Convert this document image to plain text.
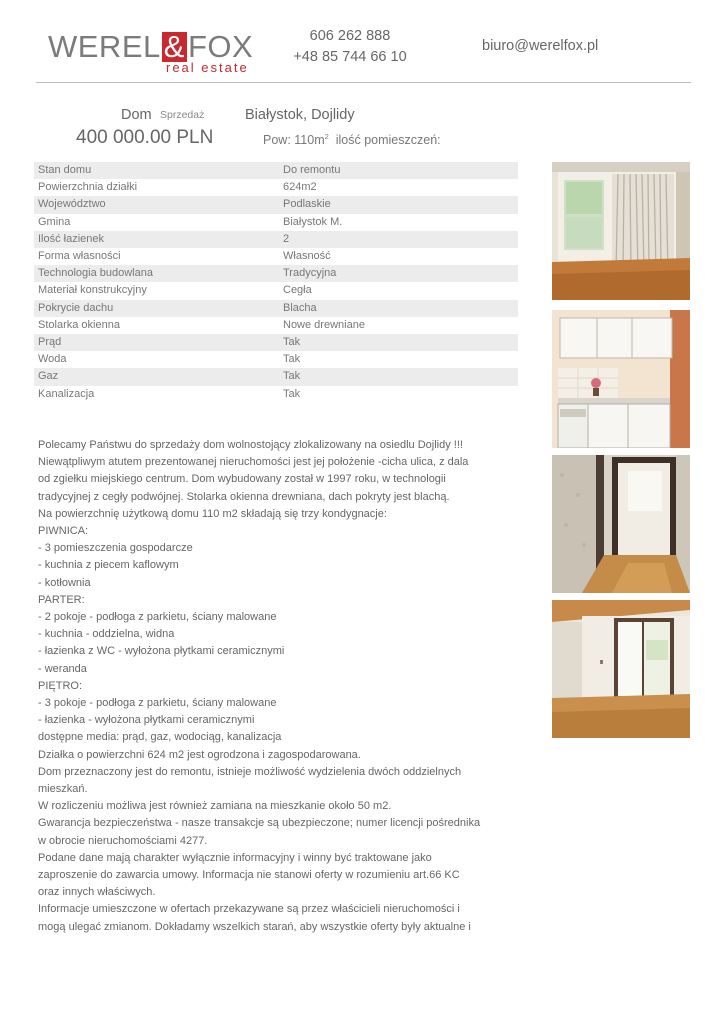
WEREL&FOX
real estate
606 262 888
+48 85 744 66 10
biuro@werelfox.pl
Dom Sprzedaż	Białystok, Dojlidy
400 000.00 PLN	Pow: $110m^2$ ilość pomieszczeń:
Stan domu	Do remontu
Powierzchnia działki	624m2
Województwo	Podlaskie
Gmina	Białystok M.
Ilość łazienek	2
Forma własności	Własność
Technologia budowlana	Tradycyjna
Materiał konstrukcyjny	Cegła
Pokrycie dachu	Blacha
Stolarka okienna	Nowe drewniane
Prąd	Tak
Woda	Tak
Gaz	Tak
Kanalizacja	Tak

Polecamy Państwu do sprzedaży dom wolnostojący zlokalizowany na osiedlu Dojlidy !!!

Niewątpliwym atutem prezentowanej nieruchomości jest jej położenie -cicha ulica, z dala

od zgiełku miejskiego centrum. Dom wybudowany został w 1997 roku, w technologii

tradycyjnej z cegły podwójnej. Stolarka okienna drewniana, dach pokryty jest blachą.

Na powierzchnię użytkową domu 110 m2 składają się trzy kondygnacje:

PIWNICA:

- 3 pomieszczenia gospodarcze

- kuchnia z piecem kaflowym

- kotłownia

PARTER:

- 2 pokoje - podłoga z parkietu, ściany malowane

- kuchnia - oddzielna, widna

- łazienka z WC - wyłożona płytkami ceramicznymi

- weranda

PIĘTRO:

- 3 pokoje - podłoga z parkietu, ściany malowane

- łazienka - wyłożona płytkami ceramicznymi

dostępne media: prąd, gaz, wodociąg, kanalizacja

Działka o powierzchni 624 m2 jest ogrodzona i zagospodarowana.

Dom przeznaczony jest do remontu, istnieje możliwość wydzielenia dwóch oddzielnych

mieszkań.

W rozliczeniu możliwa jest również zamiana na mieszkanie około 50 m2.

Gwarancja bezpieczeństwa - nasze transakcje są ubezpieczone; numer licencji pośrednika

w obrocie nieruchomościami 4277.

Podane dane mają charakter wyłącznie informacyjny i winny być traktowane jako

zaproszenie do zawarcia umowy. Informacja nie stanowi oferty w rozumieniu art.66 KC

oraz innych właściwych.

Informacje umieszczone w ofertach przekazywane są przez właścicieli nieruchomości i

mogą ulegać zmianom. Dokładamy wszelkich starań, aby wszystkie oferty były aktualne i
